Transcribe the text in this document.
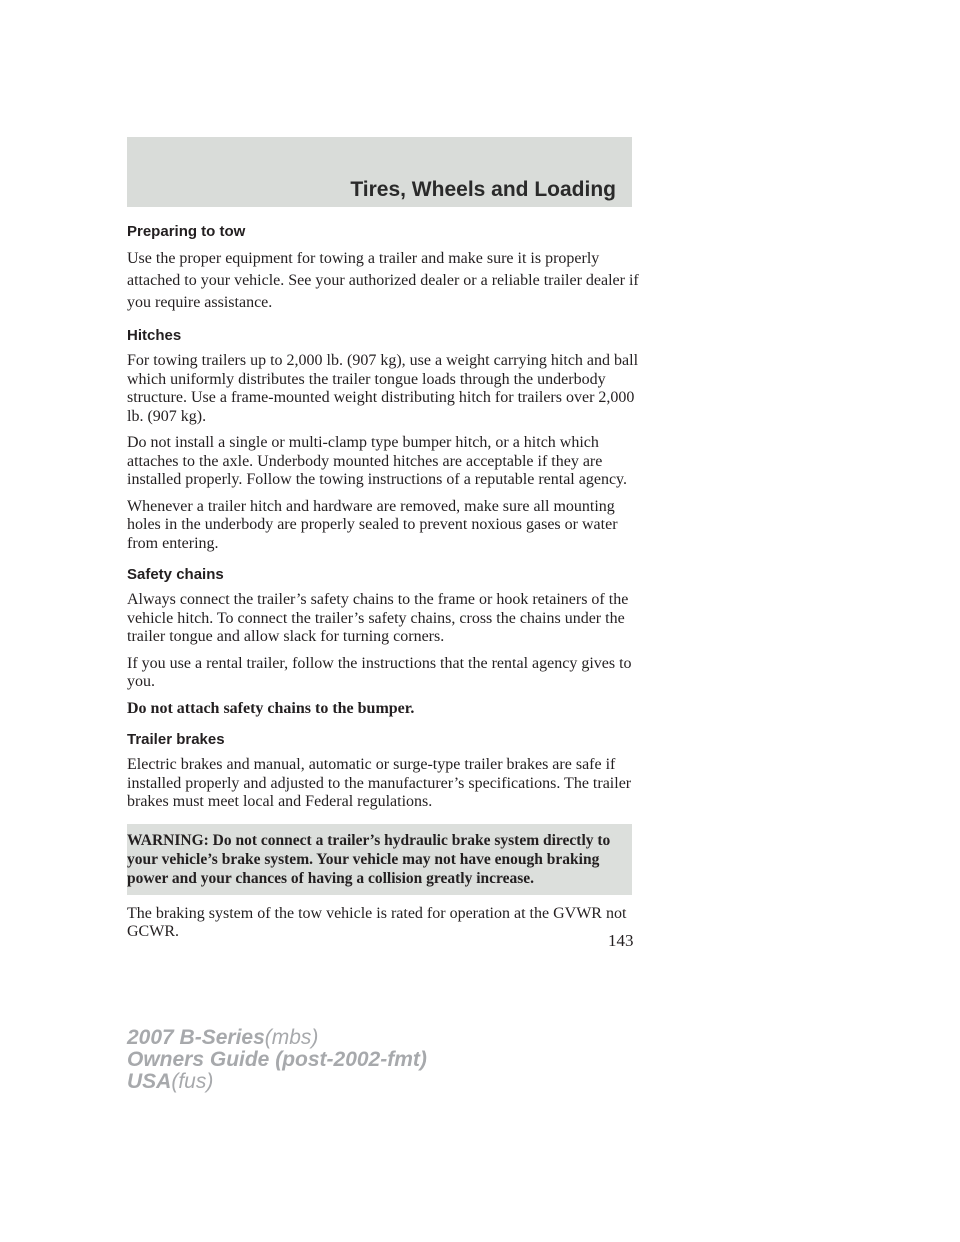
Tires, Wheels and Loading
Preparing to tow

Use the proper equipment for towing a trailer and make sure it is properly attached to your vehicle. See your authorized dealer or a reliable trailer dealer if you require assistance.

Hitches

For towing trailers up to 2,000 lb. (907 kg), use a weight carrying hitch and ball which uniformly distributes the trailer tongue loads through the underbody structure. Use a frame-mounted weight distributing hitch for trailers over 2,000 lb. (907 kg).

Do not install a single or multi-clamp type bumper hitch, or a hitch which attaches to the axle. Underbody mounted hitches are acceptable if they are installed properly. Follow the towing instructions of a reputable rental agency.

Whenever a trailer hitch and hardware are removed, make sure all mounting holes in the underbody are properly sealed to prevent noxious gases or water from entering.

Safety chains

Always connect the trailer’s safety chains to the frame or hook retainers of the vehicle hitch. To connect the trailer’s safety chains, cross the chains under the trailer tongue and allow slack for turning corners.

If you use a rental trailer, follow the instructions that the rental agency gives to you.

Do not attach safety chains to the bumper.

Trailer brakes

Electric brakes and manual, automatic or surge-type trailer brakes are safe if installed properly and adjusted to the manufacturer’s specifications. The trailer brakes must meet local and Federal regulations.

WARNING: Do not connect a trailer’s hydraulic brake system directly to your vehicle’s brake system. Your vehicle may not have enough braking power and your chances of having a collision greatly increase.

The braking system of the tow vehicle is rated for operation at the GVWR not GCWR.	143
2007 B-Series(mbs)
Owners Guide (post-2002-fmt)
USA(fus)
